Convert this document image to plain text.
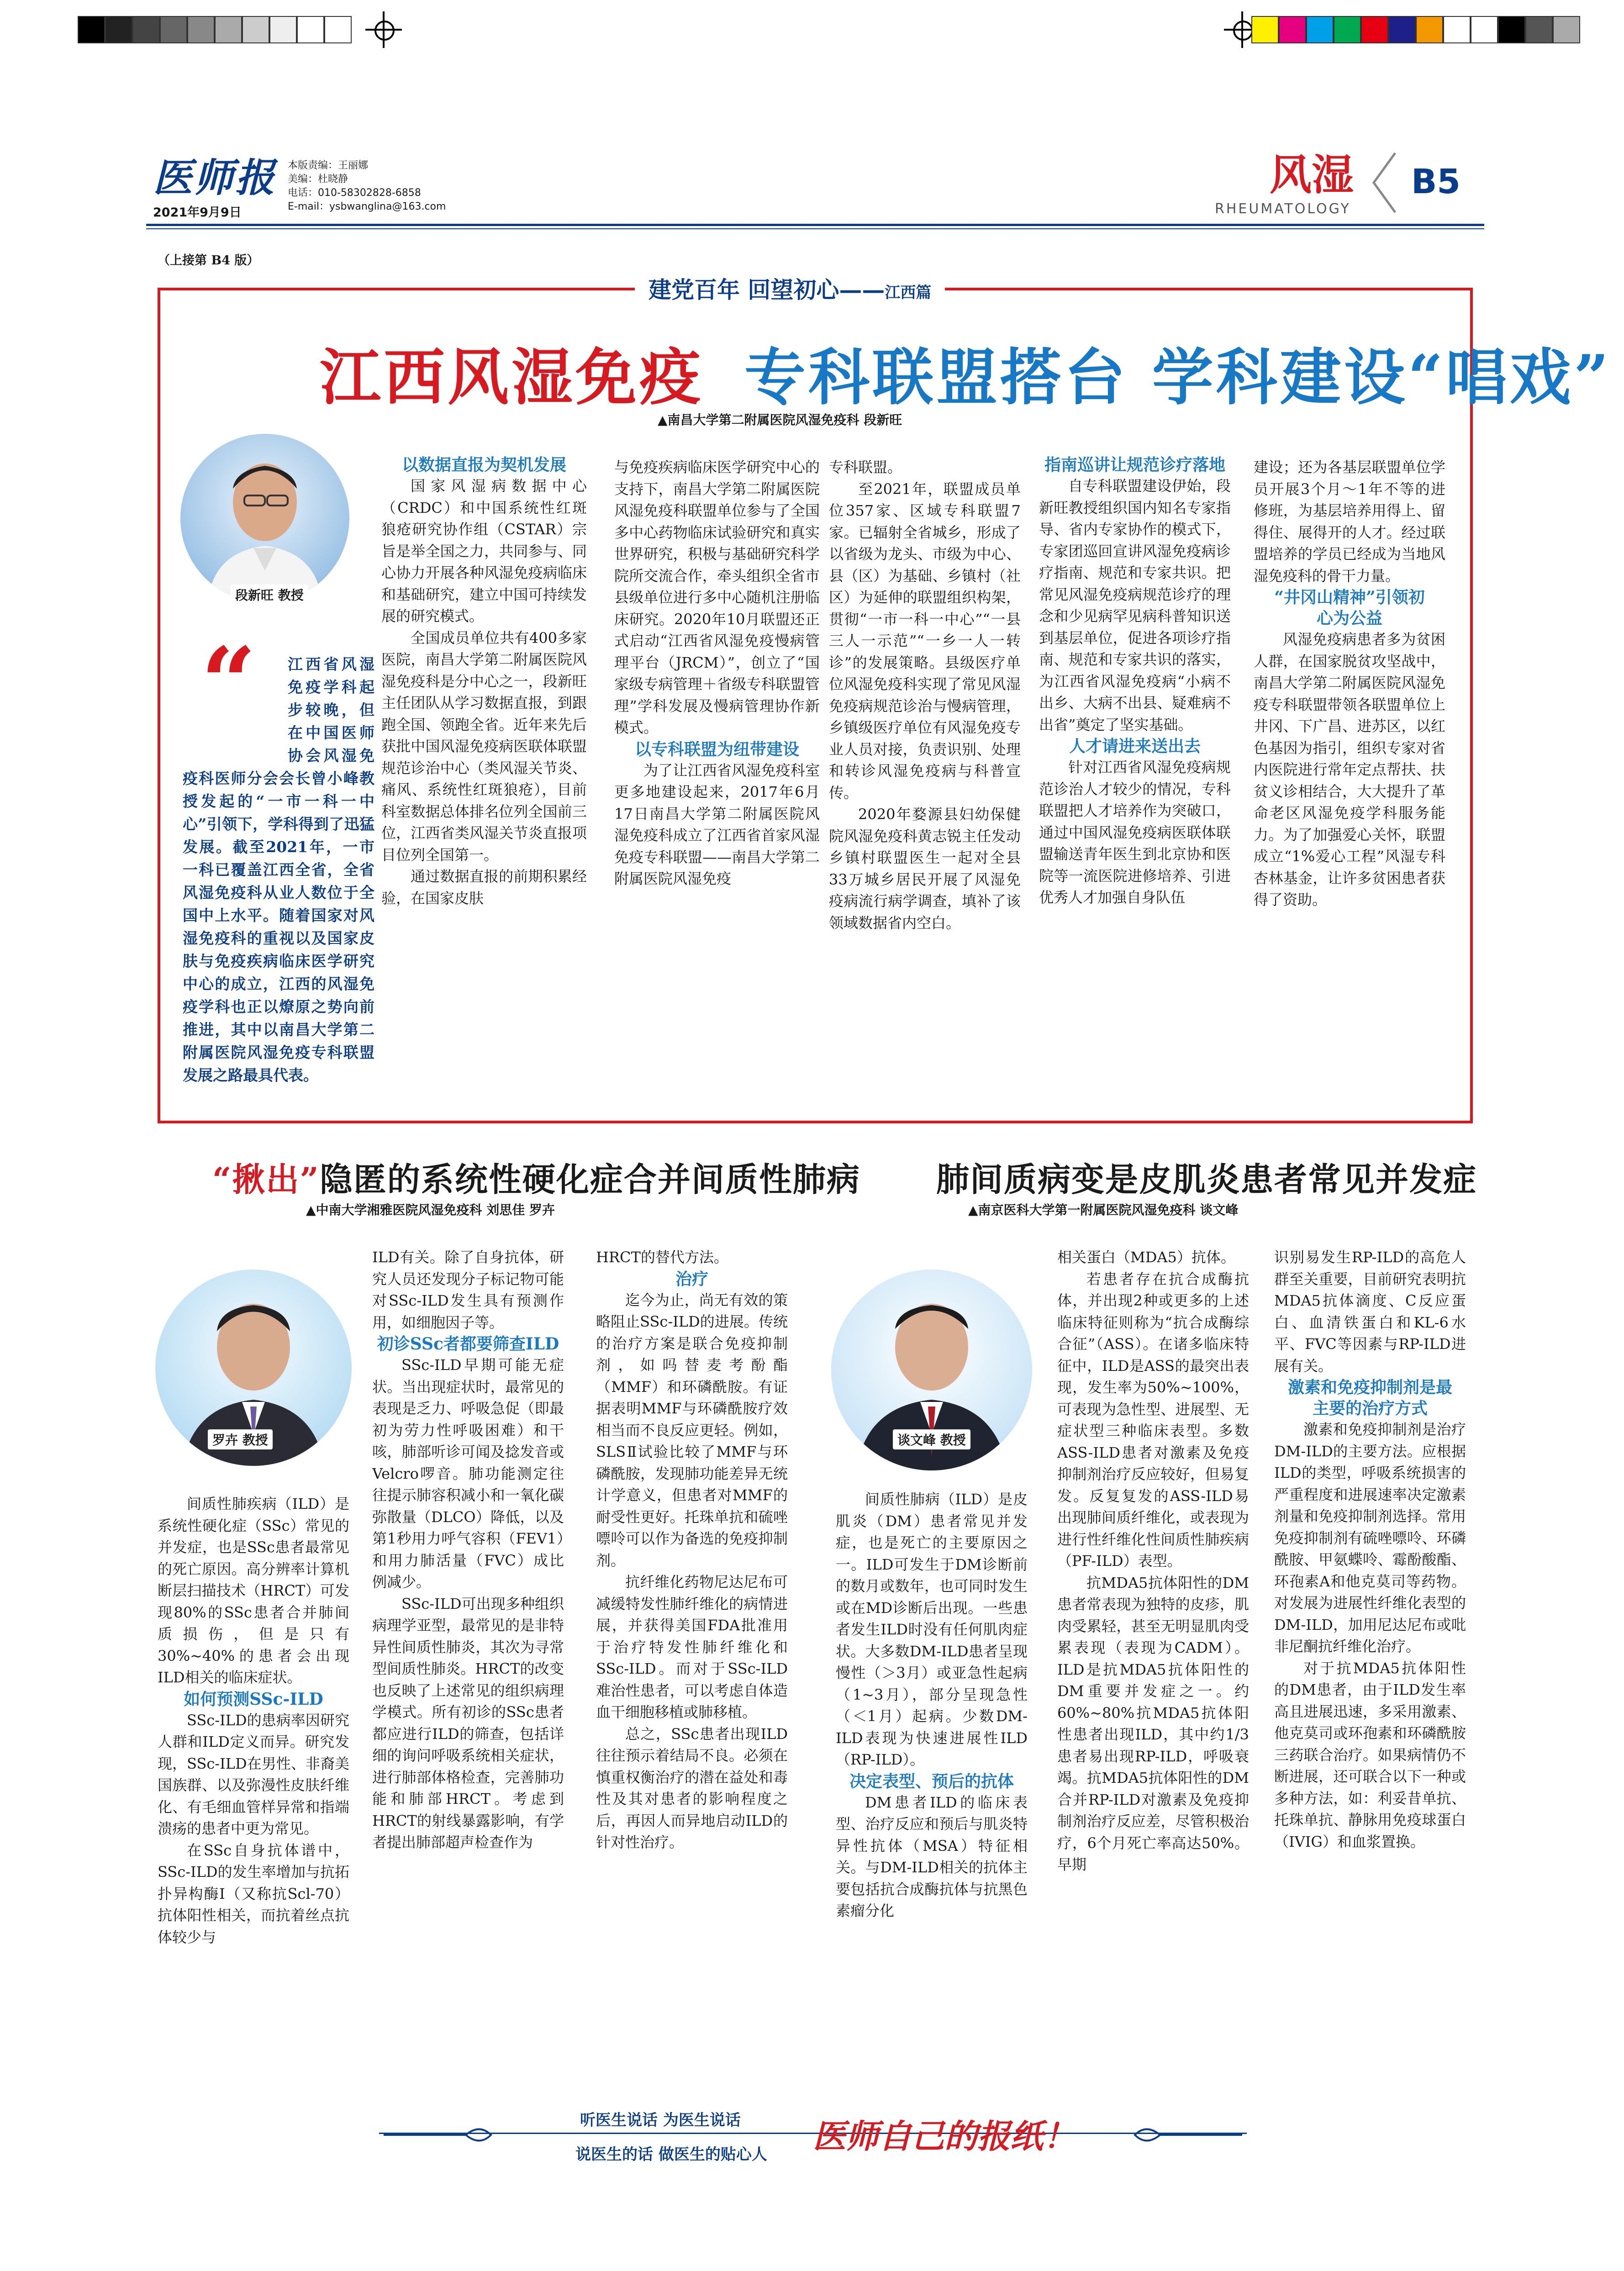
医师报
2021年9月9日

本版责编：王丽娜

美编：杜晓静

电话：010-58302828-6858

E-mail：ysbwanglina@163.com

风湿
RHEUMATOLOGY
B5
（上接第 B4 版）
建党百年 回望初心——江西篇
江西风湿免疫 专科联盟搭台 学科建设“唱戏”
▲南昌大学第二附属医院风湿免疫科 段新旺
段新旺 教授
“	江西省风湿免疫学科起步较晚，但在中国医师协会风湿免疫科医师分会会长曾小峰教授发起的“一市一科一中心”引领下，学科得到了迅猛发展。截至2021年，一市一科已覆盖江西全省，全省风湿免疫科从业人数位于全国中上水平。随着国家对风湿免疫科的重视以及国家皮肤与免疫疾病临床医学研究中心的成立，江西的风湿免疫学科也正以燎原之势向前推进，其中以南昌大学第二附属医院风湿免疫专科联盟发展之路最具代表。

以数据直报为契机发展

国家风湿病数据中心（CRDC）和中国系统性红斑狼疮研究协作组（CSTAR）宗旨是举全国之力，共同参与、同心协力开展各种风湿免疫病临床和基础研究，建立中国可持续发展的研究模式。

全国成员单位共有400多家医院，南昌大学第二附属医院风湿免疫科是分中心之一，段新旺主任团队从学习数据直报，到跟跑全国、领跑全省。近年来先后获批中国风湿免疫病医联体联盟规范诊治中心（类风湿关节炎、痛风、系统性红斑狼疮），目前科室数据总体排名位列全国前三位，江西省类风湿关节炎直报项目位列全国第一。

通过数据直报的前期积累经验，在国家皮肤

与免疫疾病临床医学研究中心的支持下，南昌大学第二附属医院风湿免疫科联盟单位参与了全国多中心药物临床试验研究和真实世界研究，积极与基础研究科学院所交流合作，牵头组织全省市县级单位进行多中心随机注册临床研究。2020年10月联盟还正式启动“江西省风湿免疫慢病管理平台（JRCM）”，创立了“国家级专病管理＋省级专科联盟管理”学科发展及慢病管理协作新模式。

以专科联盟为纽带建设

为了让江西省风湿免疫科室更多地建设起来，2017年6月17日南昌大学第二附属医院风湿免疫科成立了江西省首家风湿免疫专科联盟——南昌大学第二附属医院风湿免疫

专科联盟。

至2021年，联盟成员单位357家、区域专科联盟7家。已辐射全省城乡，形成了以省级为龙头、市级为中心、县（区）为基础、乡镇村（社区）为延伸的联盟组织构架，贯彻“一市一科一中心”“一县三人一示范”“一乡一人一转诊”的发展策略。县级医疗单位风湿免疫科实现了常见风湿免疫病规范诊治与慢病管理，乡镇级医疗单位有风湿免疫专业人员对接，负责识别、处理和转诊风湿免疫病与科普宣传。

2020年婺源县妇幼保健院风湿免疫科黄志锐主任发动乡镇村联盟医生一起对全县33万城乡居民开展了风湿免疫病流行病学调查，填补了该领域数据省内空白。

指南巡讲让规范诊疗落地

自专科联盟建设伊始，段新旺教授组织国内知名专家指导、省内专家协作的模式下，专家团巡回宣讲风湿免疫病诊疗指南、规范和专家共识。把常见风湿免疫病规范诊疗的理念和少见病罕见病科普知识送到基层单位，促进各项诊疗指南、规范和专家共识的落实，为江西省风湿免疫病“小病不出乡、大病不出县、疑难病不出省”奠定了坚实基础。

人才请进来送出去

针对江西省风湿免疫病规范诊治人才较少的情况，专科联盟把人才培养作为突破口，通过中国风湿免疫病医联体联盟输送青年医生到北京协和医院等一流医院进修培养、引进优秀人才加强自身队伍

建设；还为各基层联盟单位学员开展3个月～1年不等的进修班，为基层培养用得上、留得住、展得开的人才。经过联盟培养的学员已经成为当地风湿免疫科的骨干力量。

“井冈山精神”引领初心为公益

风湿免疫病患者多为贫困人群，在国家脱贫攻坚战中，南昌大学第二附属医院风湿免疫专科联盟带领各联盟单位上井冈、下广昌、进苏区，以红色基因为指引，组织专家对省内医院进行常年定点帮扶、扶贫义诊相结合，大大提升了革命老区风湿免疫学科服务能力。为了加强爱心关怀，联盟成立“1%爱心工程”风湿专科杏林基金，让许多贫困患者获得了资助。

“揪出”隐匿的系统性硬化症合并间质性肺病
▲中南大学湘雅医院风湿免疫科 刘思佳 罗卉
罗卉 教授

间质性肺疾病（ILD）是系统性硬化症（SSc）常见的并发症，也是SSc患者最常见的死亡原因。高分辨率计算机断层扫描技术（HRCT）可发现80%的SSc患者合并肺间质损伤，但是只有30%~40%的患者会出现ILD相关的临床症状。

如何预测SSc-ILD

SSc-ILD的患病率因研究人群和ILD定义而异。研究发现，SSc-ILD在男性、非裔美国族群、以及弥漫性皮肤纤维化、有毛细血管样异常和指端溃疡的患者中更为常见。

在SSc自身抗体谱中，SSc-ILD的发生率增加与抗拓扑异构酶I（又称抗Scl-70）抗体阳性相关，而抗着丝点抗体较少与

ILD有关。除了自身抗体，研究人员还发现分子标记物可能对SSc-ILD发生具有预测作用，如细胞因子等。

初诊SSc者都要筛查ILD

SSc-ILD早期可能无症状。当出现症状时，最常见的表现是乏力、呼吸急促（即最初为劳力性呼吸困难）和干咳，肺部听诊可闻及捻发音或Velcro啰音。肺功能测定往往提示肺容积减小和一氧化碳弥散量（DLCO）降低，以及第1秒用力呼气容积（FEV1）和用力肺活量（FVC）成比例减少。

SSc-ILD可出现多种组织病理学亚型，最常见的是非特异性间质性肺炎，其次为寻常型间质性肺炎。HRCT的改变也反映了上述常见的组织病理学模式。所有初诊的SSc患者都应进行ILD的筛查，包括详细的询问呼吸系统相关症状，进行肺部体格检查，完善肺功能和肺部HRCT。考虑到HRCT的射线暴露影响，有学者提出肺部超声检查作为

HRCT的替代方法。

治疗

迄今为止，尚无有效的策略阻止SSc-ILD的进展。传统的治疗方案是联合免疫抑制剂，如吗替麦考酚酯（MMF）和环磷酰胺。有证据表明MMF与环磷酰胺疗效相当而不良反应更轻。例如，SLSⅡ试验比较了MMF与环磷酰胺，发现肺功能差异无统计学意义，但患者对MMF的耐受性更好。托珠单抗和硫唑嘌呤可以作为备选的免疫抑制剂。

抗纤维化药物尼达尼布可减缓特发性肺纤维化的病情进展，并获得美国FDA批准用于治疗特发性肺纤维化和SSc-ILD。而对于SSc-ILD难治性患者，可以考虑自体造血干细胞移植或肺移植。

总之，SSc患者出现ILD往往预示着结局不良。必须在慎重权衡治疗的潜在益处和毒性及其对患者的影响程度之后，再因人而异地启动ILD的针对性治疗。

肺间质病变是皮肌炎患者常见并发症
▲南京医科大学第一附属医院风湿免疫科 谈文峰
谈文峰 教授

间质性肺病（ILD）是皮肌炎（DM）患者常见并发症，也是死亡的主要原因之一。ILD可发生于DM诊断前的数月或数年，也可同时发生或在MD诊断后出现。一些患者发生ILD时没有任何肌肉症状。大多数DM-ILD患者呈现慢性（＞3月）或亚急性起病（1~3月），部分呈现急性（＜1月）起病。少数DM-ILD表现为快速进展性ILD（RP-ILD）。

决定表型、预后的抗体

DM患者ILD的临床表型、治疗反应和预后与肌炎特异性抗体（MSA）特征相关。与DM-ILD相关的抗体主要包括抗合成酶抗体与抗黑色素瘤分化

相关蛋白（MDA5）抗体。

若患者存在抗合成酶抗体，并出现2种或更多的上述临床特征则称为“抗合成酶综合征”（ASS）。在诸多临床特征中，ILD是ASS的最突出表现，发生率为50%~100%，可表现为急性型、进展型、无症状型三种临床表型。多数ASS-ILD患者对激素及免疫抑制剂治疗反应较好，但易复发。反复复发的ASS-ILD易出现肺间质纤维化，或表现为进行性纤维化性间质性肺疾病（PF-ILD）表型。

抗MDA5抗体阳性的DM患者常表现为独特的皮疹，肌肉受累轻，甚至无明显肌肉受累表现（表现为CADM）。ILD是抗MDA5抗体阳性的DM重要并发症之一。约60%~80%抗MDA5抗体阳性患者出现ILD，其中约1/3患者易出现RP-ILD，呼吸衰竭。抗MDA5抗体阳性的DM合并RP-ILD对激素及免疫抑制剂治疗反应差，尽管积极治疗，6个月死亡率高达50%。早期

识别易发生RP-ILD的高危人群至关重要，目前研究表明抗MDA5抗体滴度、C反应蛋白、血清铁蛋白和KL-6水平、FVC等因素与RP-ILD进展有关。

激素和免疫抑制剂是最主要的治疗方式

激素和免疫抑制剂是治疗DM-ILD的主要方法。应根据ILD的类型，呼吸系统损害的严重程度和进展速率决定激素剂量和免疫抑制剂选择。常用免疫抑制剂有硫唑嘌呤、环磷酰胺、甲氨蝶呤、霉酚酸酯、环孢素A和他克莫司等药物。对发展为进展性纤维化表型的DM-ILD，加用尼达尼布或吡非尼酮抗纤维化治疗。

对于抗MDA5抗体阳性的DM患者，由于ILD发生率高且进展迅速，多采用激素、他克莫司或环孢素和环磷酰胺三药联合治疗。如果病情仍不断进展，还可联合以下一种或多种方法，如：利妥昔单抗、托珠单抗、静脉用免疫球蛋白（IVIG）和血浆置换。

听医生说话 为医生说话
说医生的话 做医生的贴心人 医师自己的报纸！
